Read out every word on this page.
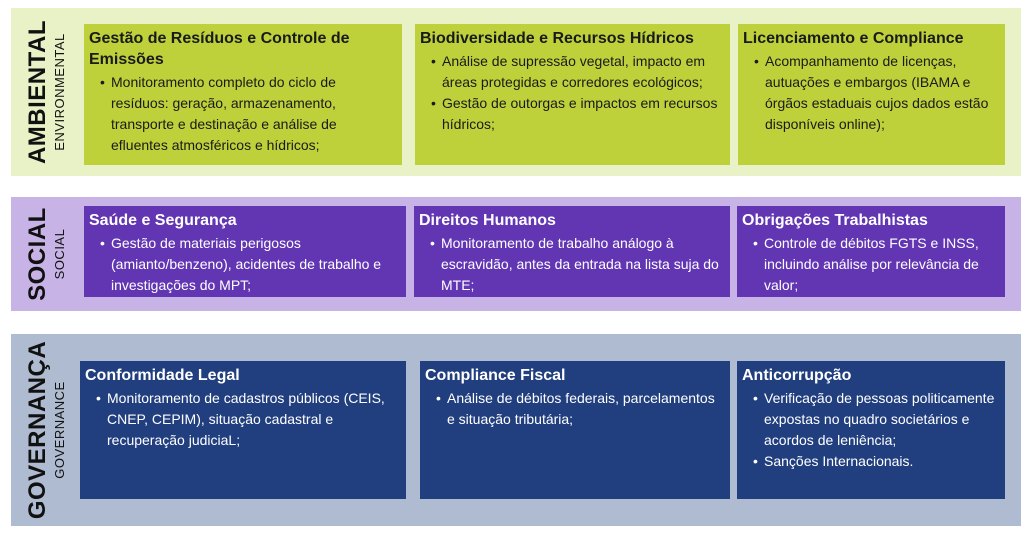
AMBIENTAL ENVIRONMENTAL Gestão de Resíduos e Controle de Emissões
• Monitoramento completo do ciclo de resíduos: geração, armazenamento, transporte e destinação e análise de efluentes atmosféricos e hídricos;
Biodiversidade e Recursos Hídricos
• Análise de supressão vegetal, impacto em áreas protegidas e corredores ecológicos;
• Gestão de outorgas e impactos em recursos hídricos;
Licenciamento e Compliance
• Acompanhamento de licenças, autuações e embargos (IBAMA e órgãos estaduais cujos dados estão disponíveis online);
SOCIAL SOCIAL
Saúde e Segurança
• Gestão de materiais perigosos (amianto/benzeno), acidentes de trabalho e investigações do MPT;
Direitos Humanos
• Monitoramento de trabalho análogo à escravidão, antes da entrada na lista suja do MTE;
Obrigações Trabalhistas
• Controle de débitos FGTS e INSS, incluindo análise por relevância de valor;
GOVERNANÇA GOVERNANCE
Conformidade Legal
• Monitoramento de cadastros públicos (CEIS, CNEP, CEPIM), situação cadastral e recuperação judiciaL;
Compliance Fiscal
• Análise de débitos federais, parcelamentos e situação tributária;
Anticorrupção
• Verificação de pessoas politicamente expostas no quadro societários e acordos de leniência;
• Sanções Internacionais.
